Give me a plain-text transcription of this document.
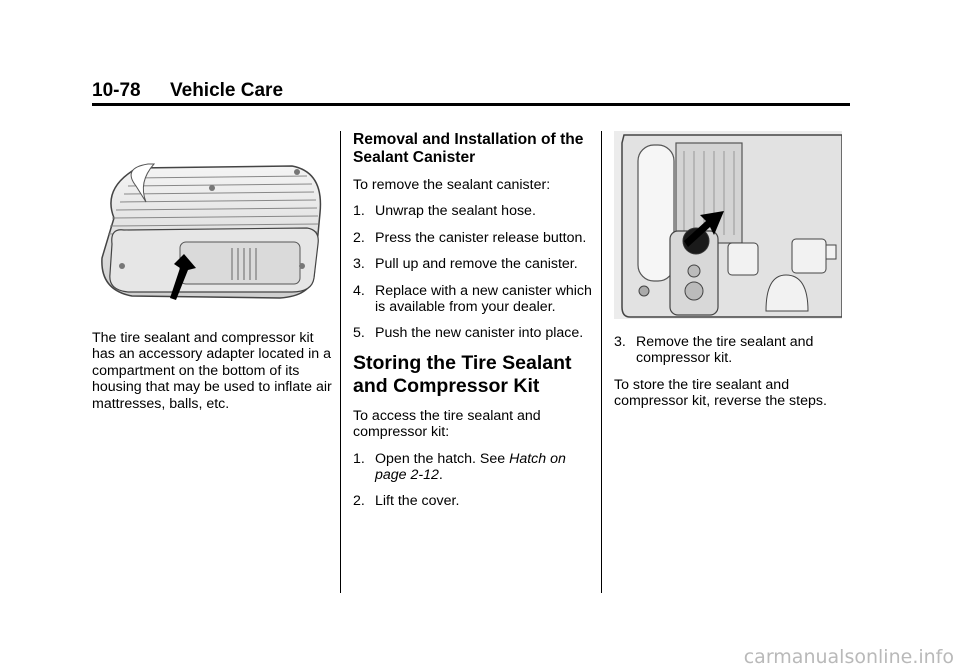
10-78 Vehicle Care

The tire sealant and compressor kit has an accessory adapter located in a compartment on the bottom of its housing that may be used to inflate air mattresses, balls, etc.

Removal and Installation of the Sealant Canister

To remove the sealant canister:

1. Unwrap the sealant hose.
2. Press the canister release button.
3. Pull up and remove the canister.
4. Replace with a new canister which is available from your dealer.
5. Push the new canister into place.
Storing the Tire Sealant and Compressor Kit

To access the tire sealant and compressor kit:

1. Open the hatch. See Hatch on page 2-12.
2. Lift the cover.
3. Remove the tire sealant and compressor kit.

To store the tire sealant and compressor kit, reverse the steps.

carmanualsonline.info
